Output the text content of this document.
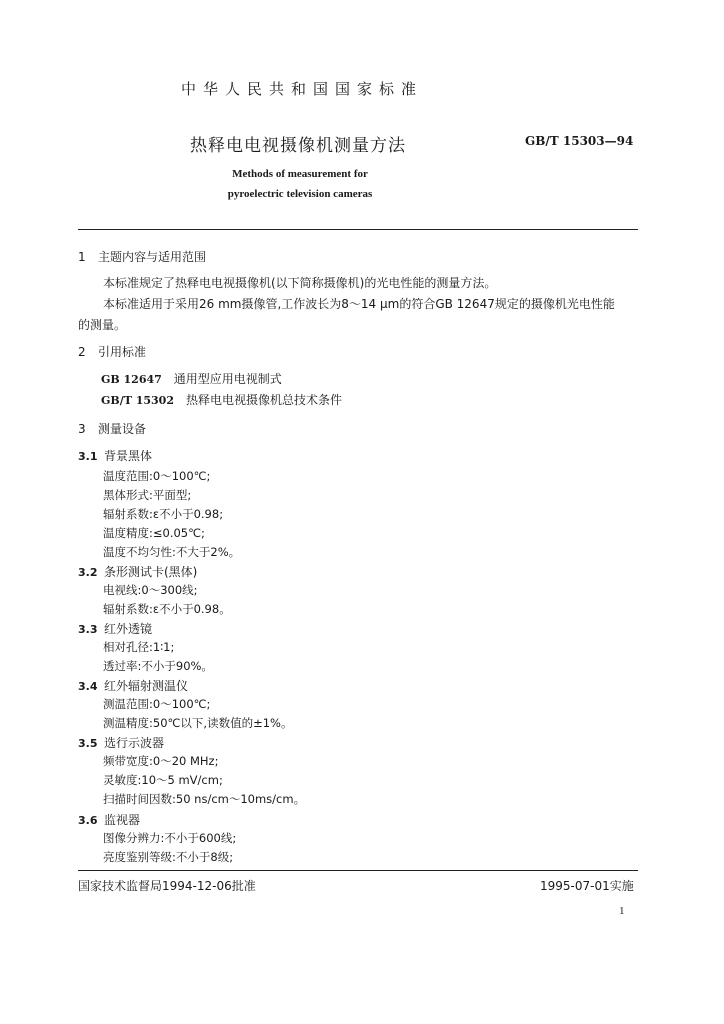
中华人民共和国国家标准
热释电电视摄像机测量方法	GB/T 15303—94
Methods of measurement for
pyroelectric television cameras
1 主题内容与适用范围
本标准规定了热释电电视摄像机(以下简称摄像机)的光电性能的测量方法。
本标准适用于采用26 mm摄像管,工作波长为8～14 μm的符合GB 12647规定的摄像机光电性能
的测量。
2 引用标准
GB 12647 通用型应用电视制式
GB/T 15302 热释电电视摄像机总技术条件
3 测量设备
3.1 背景黑体
温度范围:0～100℃;
黑体形式:平面型;
辐射系数:ε不小于0.98;
温度精度:≤0.05℃;
温度不均匀性:不大于2%。
3.2 条形测试卡(黑体)
电视线:0～300线;
辐射系数:ε不小于0.98。
3.3 红外透镜
相对孔径:1∶1;
透过率:不小于90%。
3.4 红外辐射测温仪
测温范围:0～100℃;
测温精度:50℃以下,读数值的±1%。
3.5 选行示波器
频带宽度:0～20 MHz;
灵敏度:10～5 mV/cm;
扫描时间因数:50 ns/cm～10ms/cm。
3.6 监视器
图像分辨力:不小于600线;
亮度鉴别等级:不小于8级;
国家技术监督局1994-12-06批准	1995-07-01实施
1
